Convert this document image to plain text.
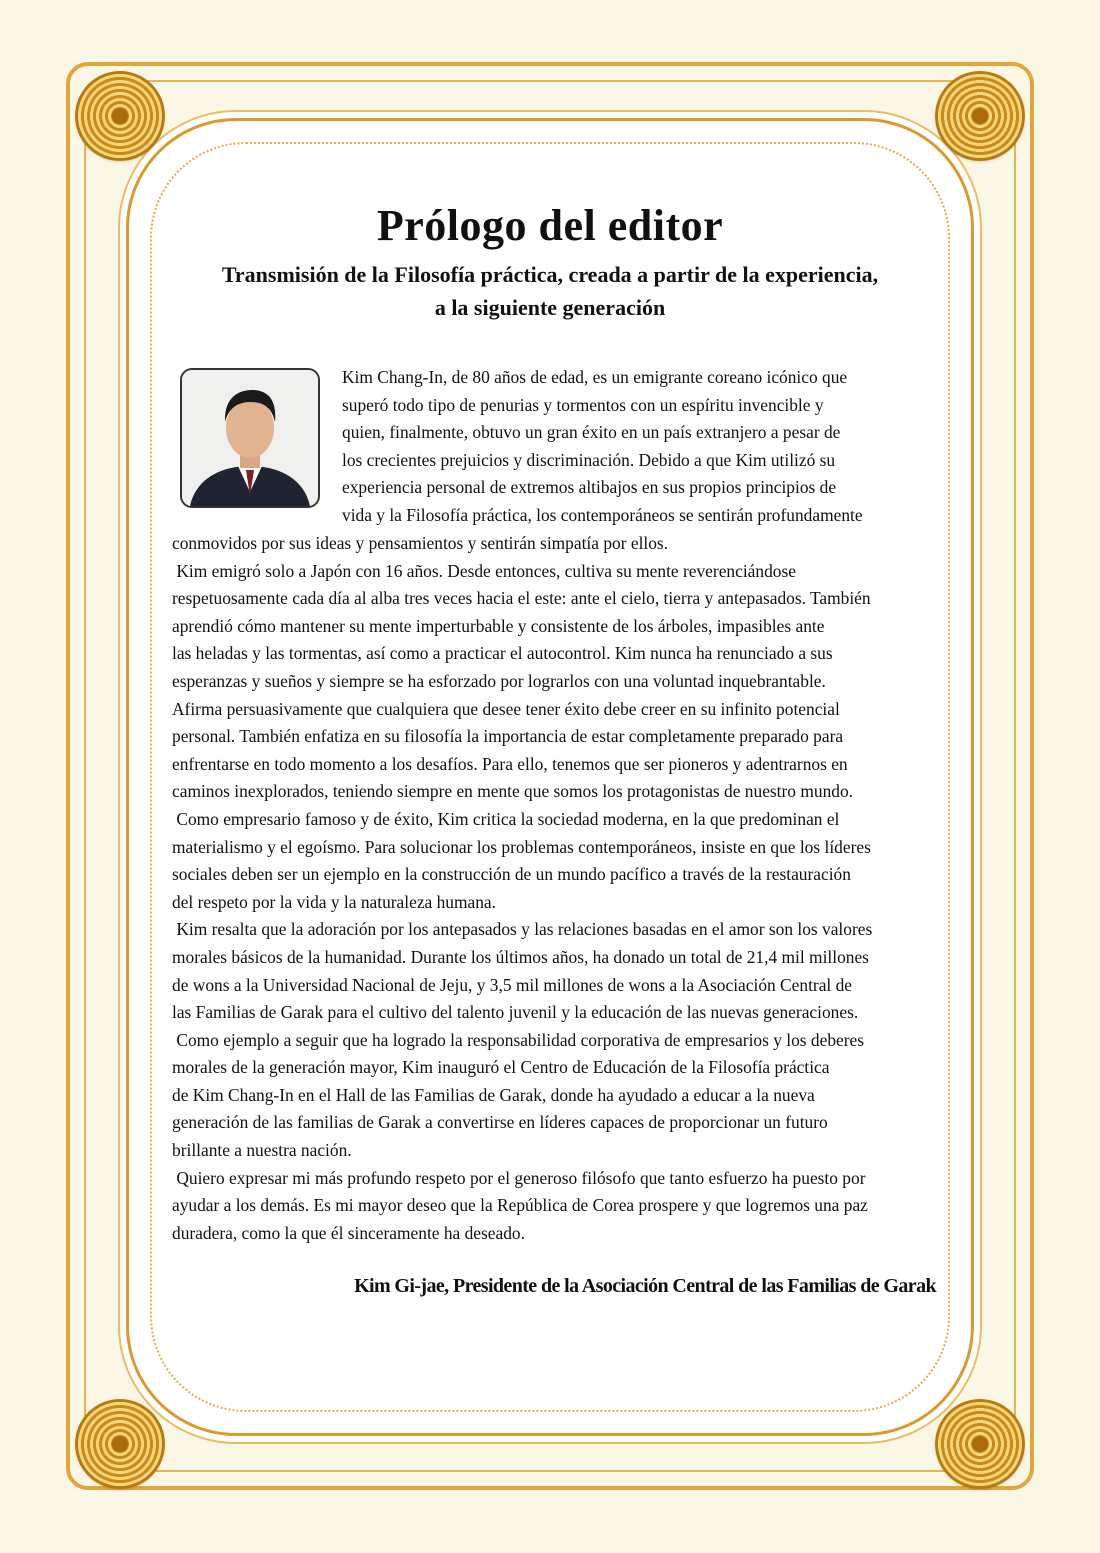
Prólogo del editor
Transmisión de la Filosofía práctica, creada a partir de la experiencia,
a la siguiente generación
Kim Chang-In, de 80 años de edad, es un emigrante coreano icónico que
superó todo tipo de penurias y tormentos con un espíritu invencible y
quien, finalmente, obtuvo un gran éxito en un país extranjero a pesar de
los crecientes prejuicios y discriminación. Debido a que Kim utilizó su
experiencia personal de extremos altibajos en sus propios principios de
vida y la Filosofía práctica, los contemporáneos se sentirán profundamente
conmovidos por sus ideas y pensamientos y sentirán simpatía por ellos.
Kim emigró solo a Japón con 16 años. Desde entonces, cultiva su mente reverenciándose
respetuosamente cada día al alba tres veces hacia el este: ante el cielo, tierra y antepasados. También
aprendió cómo mantener su mente imperturbable y consistente de los árboles, impasibles ante
las heladas y las tormentas, así como a practicar el autocontrol. Kim nunca ha renunciado a sus
esperanzas y sueños y siempre se ha esforzado por lograrlos con una voluntad inquebrantable.
Afirma persuasivamente que cualquiera que desee tener éxito debe creer en su infinito potencial
personal. También enfatiza en su filosofía la importancia de estar completamente preparado para
enfrentarse en todo momento a los desafíos. Para ello, tenemos que ser pioneros y adentrarnos en
caminos inexplorados, teniendo siempre en mente que somos los protagonistas de nuestro mundo.
Como empresario famoso y de éxito, Kim critica la sociedad moderna, en la que predominan el
materialismo y el egoísmo. Para solucionar los problemas contemporáneos, insiste en que los líderes
sociales deben ser un ejemplo en la construcción de un mundo pacífico a través de la restauración
del respeto por la vida y la naturaleza humana.
Kim resalta que la adoración por los antepasados y las relaciones basadas en el amor son los valores
morales básicos de la humanidad. Durante los últimos años, ha donado un total de 21,4 mil millones
de wons a la Universidad Nacional de Jeju, y 3,5 mil millones de wons a la Asociación Central de
las Familias de Garak para el cultivo del talento juvenil y la educación de las nuevas generaciones.
Como ejemplo a seguir que ha logrado la responsabilidad corporativa de empresarios y los deberes
morales de la generación mayor, Kim inauguró el Centro de Educación de la Filosofía práctica
de Kim Chang-In en el Hall de las Familias de Garak, donde ha ayudado a educar a la nueva
generación de las familias de Garak a convertirse en líderes capaces de proporcionar un futuro
brillante a nuestra nación.
Quiero expresar mi más profundo respeto por el generoso filósofo que tanto esfuerzo ha puesto por
ayudar a los demás. Es mi mayor deseo que la República de Corea prospere y que logremos una paz
duradera, como la que él sinceramente ha deseado.
Kim Gi-jae, Presidente de la Asociación Central de las Familias de Garak
